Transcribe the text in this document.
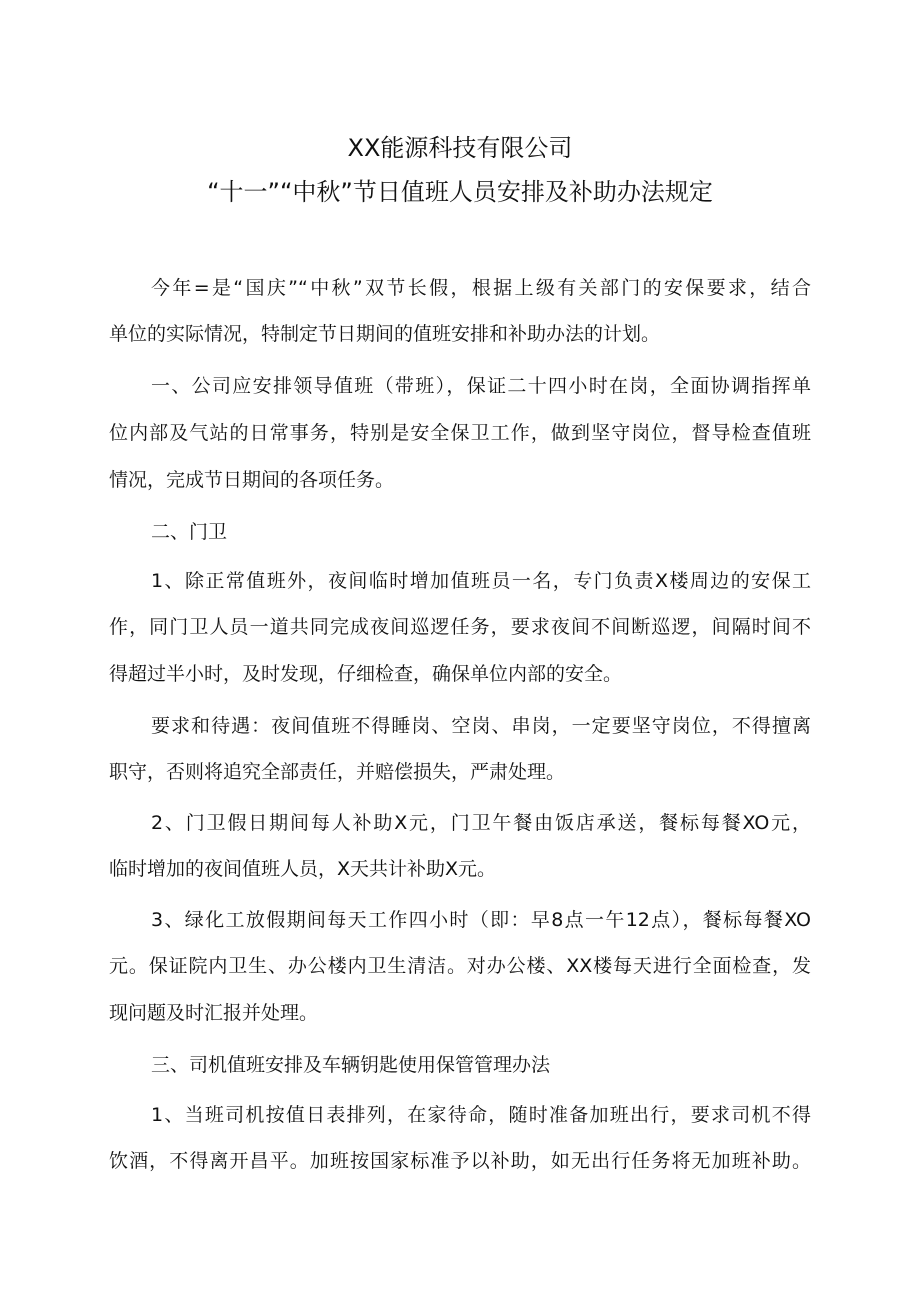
XX能源科技有限公司
“十一”“中秋”节日值班人员安排及补助办法规定
今年=是“国庆”“中秋”双节长假，根据上级有关部门的安保要求，结合
单位的实际情况，特制定节日期间的值班安排和补助办法的计划。
一、公司应安排领导值班（带班），保证二十四小时在岗，全面协调指挥单
位内部及气站的日常事务，特别是安全保卫工作，做到坚守岗位，督导检查值班
情况，完成节日期间的各项任务。
二、门卫
1、除正常值班外，夜间临时增加值班员一名，专门负责X楼周边的安保工
作，同门卫人员一道共同完成夜间巡逻任务，要求夜间不间断巡逻，间隔时间不
得超过半小时，及时发现，仔细检查，确保单位内部的安全。
要求和待遇：夜间值班不得睡岗、空岗、串岗，一定要坚守岗位，不得擅离
职守，否则将追究全部责任，并赔偿损失，严肃处理。
2、门卫假日期间每人补助X元，门卫午餐由饭店承送，餐标每餐XO元，
临时增加的夜间值班人员，X天共计补助X元。
3、绿化工放假期间每天工作四小时（即：早8点一午12点），餐标每餐XO
元。保证院内卫生、办公楼内卫生清洁。对办公楼、XX楼每天进行全面检查，发
现问题及时汇报并处理。
三、司机值班安排及车辆钥匙使用保管管理办法
1、当班司机按值日表排列，在家待命，随时准备加班出行，要求司机不得
饮酒，不得离开昌平。加班按国家标准予以补助，如无出行任务将无加班补助。
